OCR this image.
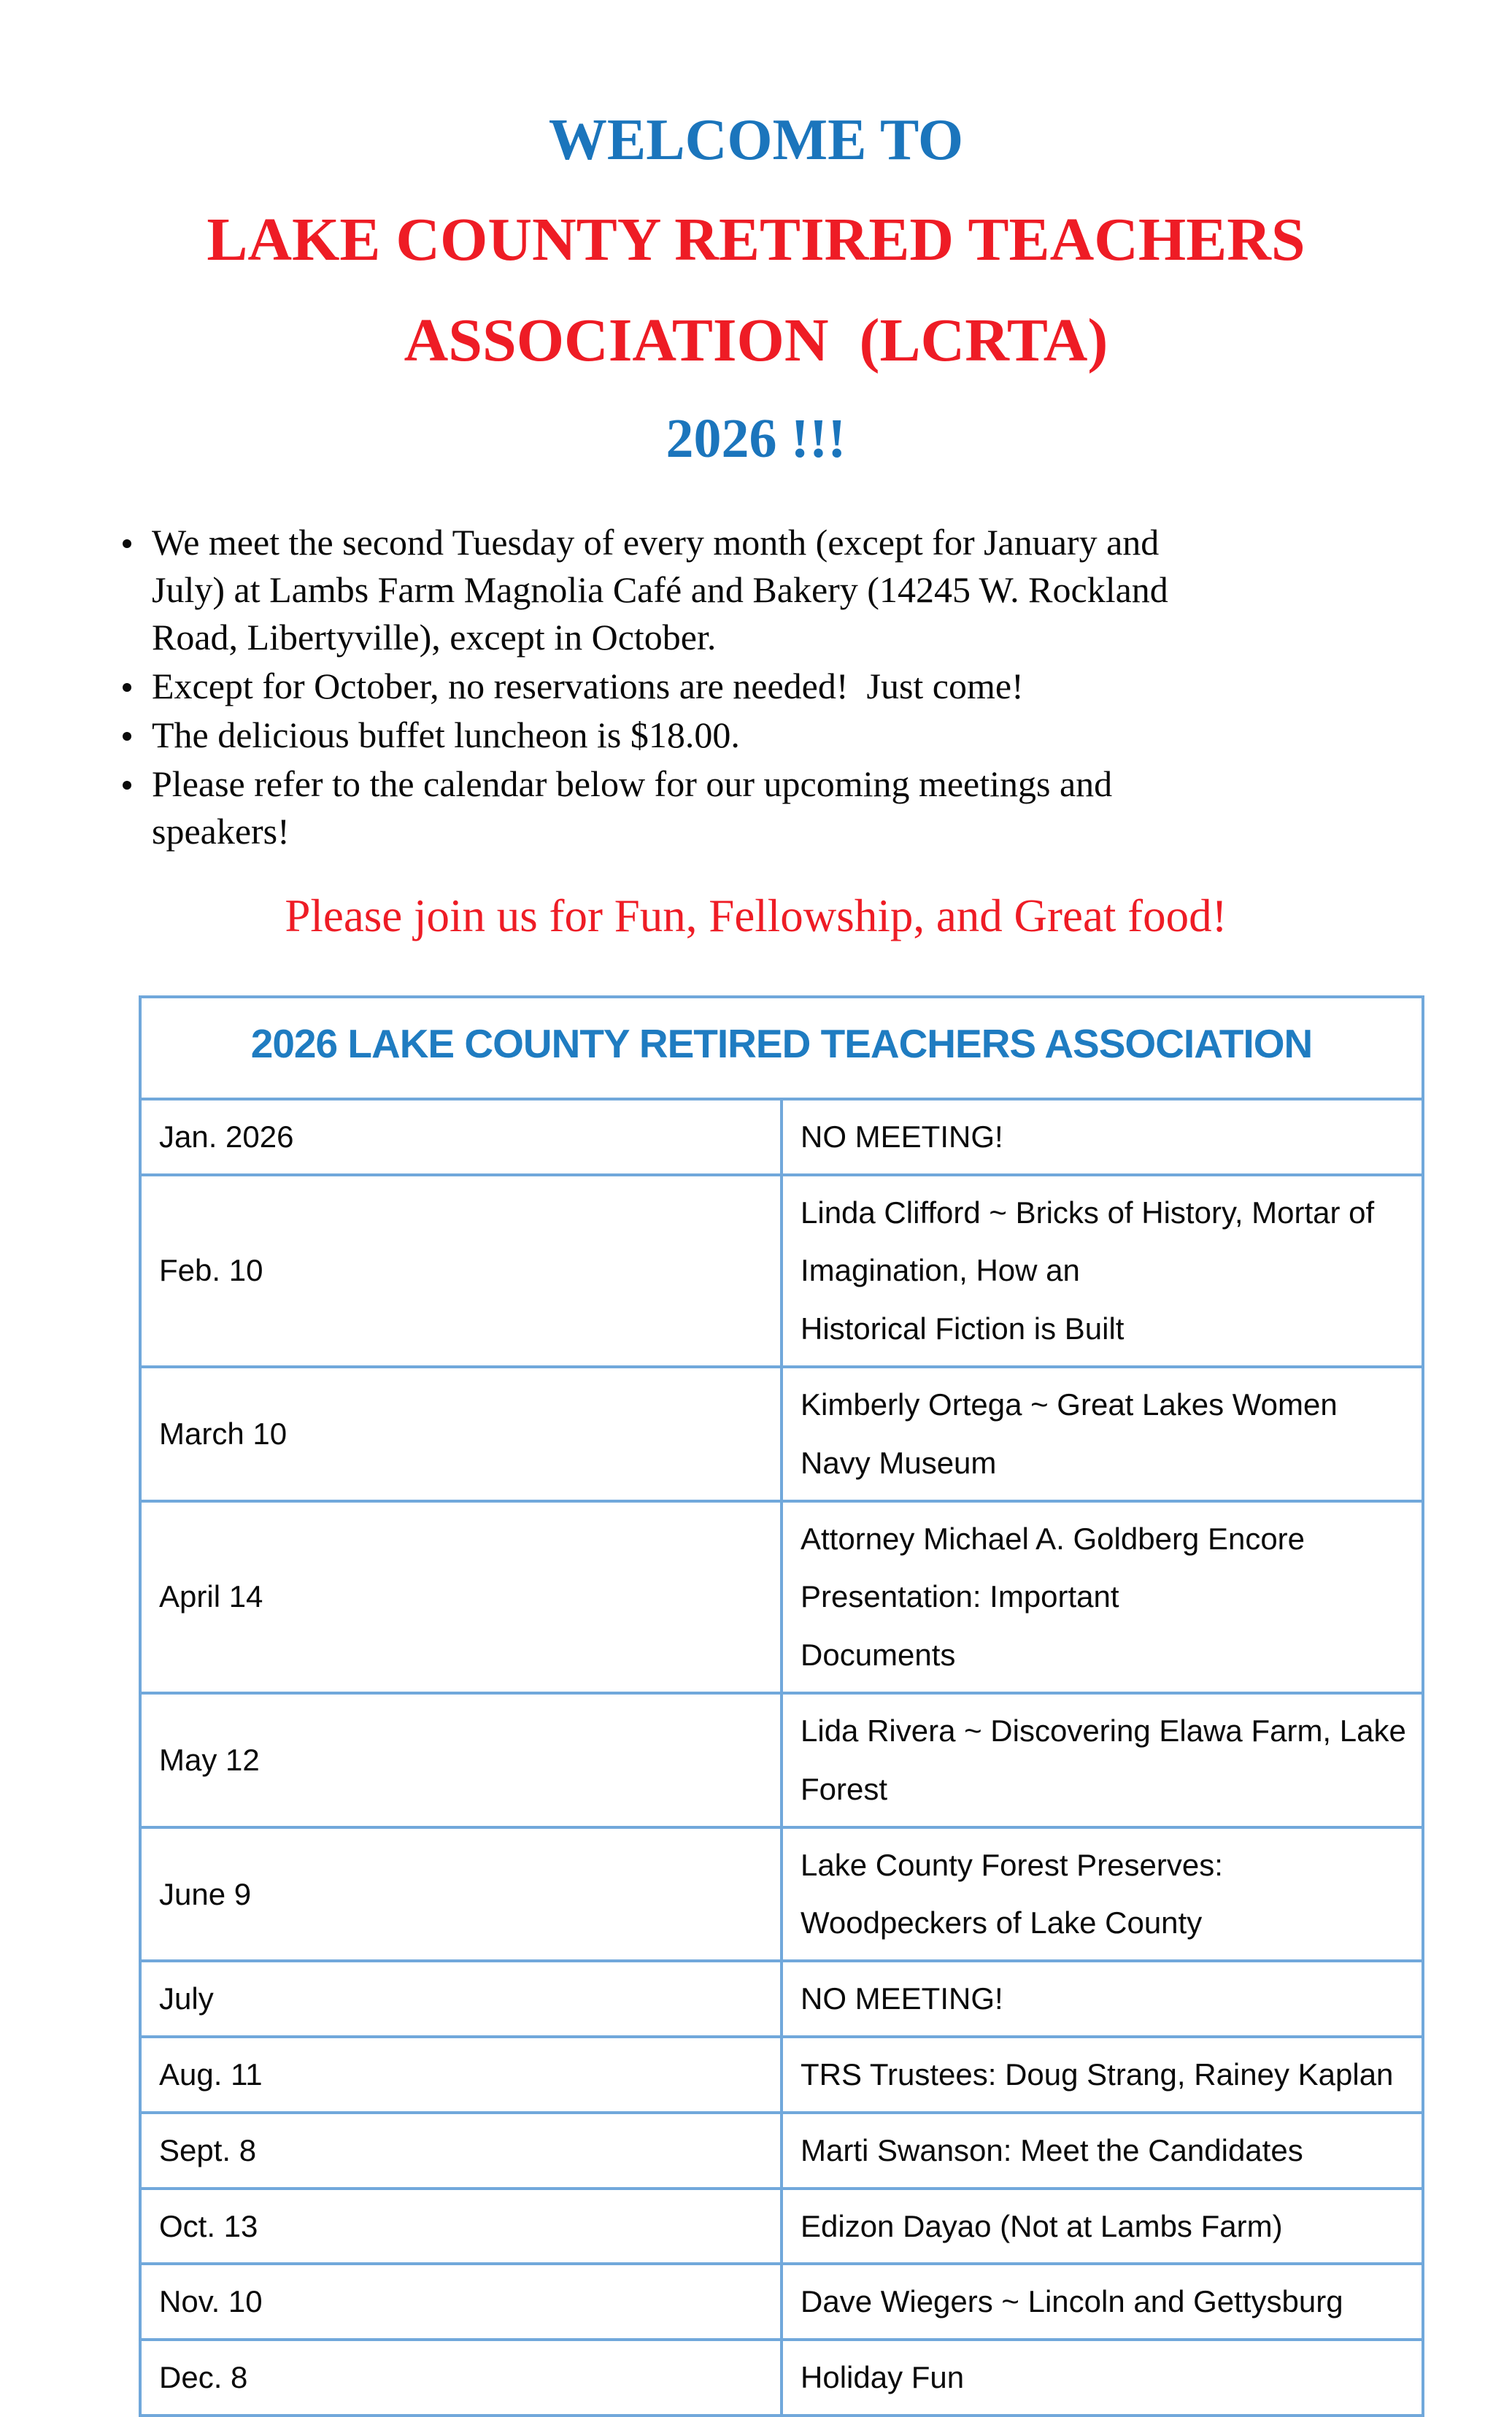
WELCOME TO

LAKE COUNTY RETIRED TEACHERS

ASSOCIATION  (LCRTA)

2026 !!!

We meet the second Tuesday of every month (except for January and
July) at Lambs Farm Magnolia Café and Bakery (14245 W. Rockland
Road, Libertyville), except in October.
Except for October, no reservations are needed!  Just come!
The delicious buffet luncheon is $18.00.
Please refer to the calendar below for our upcoming meetings and
speakers!
Please join us for Fun, Fellowship, and Great food!
2026 LAKE COUNTY RETIRED TEACHERS ASSOCIATION	
Jan. 2026	NO MEETING!
Feb. 10	Linda Clifford ~ Bricks of History, Mortar of Imagination, How an
Historical Fiction is Built
March 10	Kimberly Ortega ~ Great Lakes Women Navy Museum
April 14	Attorney Michael A. Goldberg Encore Presentation: Important
Documents
May 12	Lida Rivera ~ Discovering Elawa Farm, Lake Forest
June 9	Lake County Forest Preserves: Woodpeckers of Lake County
July	NO MEETING!
Aug. 11	TRS Trustees: Doug Strang, Rainey Kaplan
Sept. 8	Marti Swanson: Meet the Candidates
Oct. 13	Edizon Dayao (Not at Lambs Farm)
Nov. 10	Dave Wiegers ~ Lincoln and Gettysburg
Dec. 8	Holiday Fun
